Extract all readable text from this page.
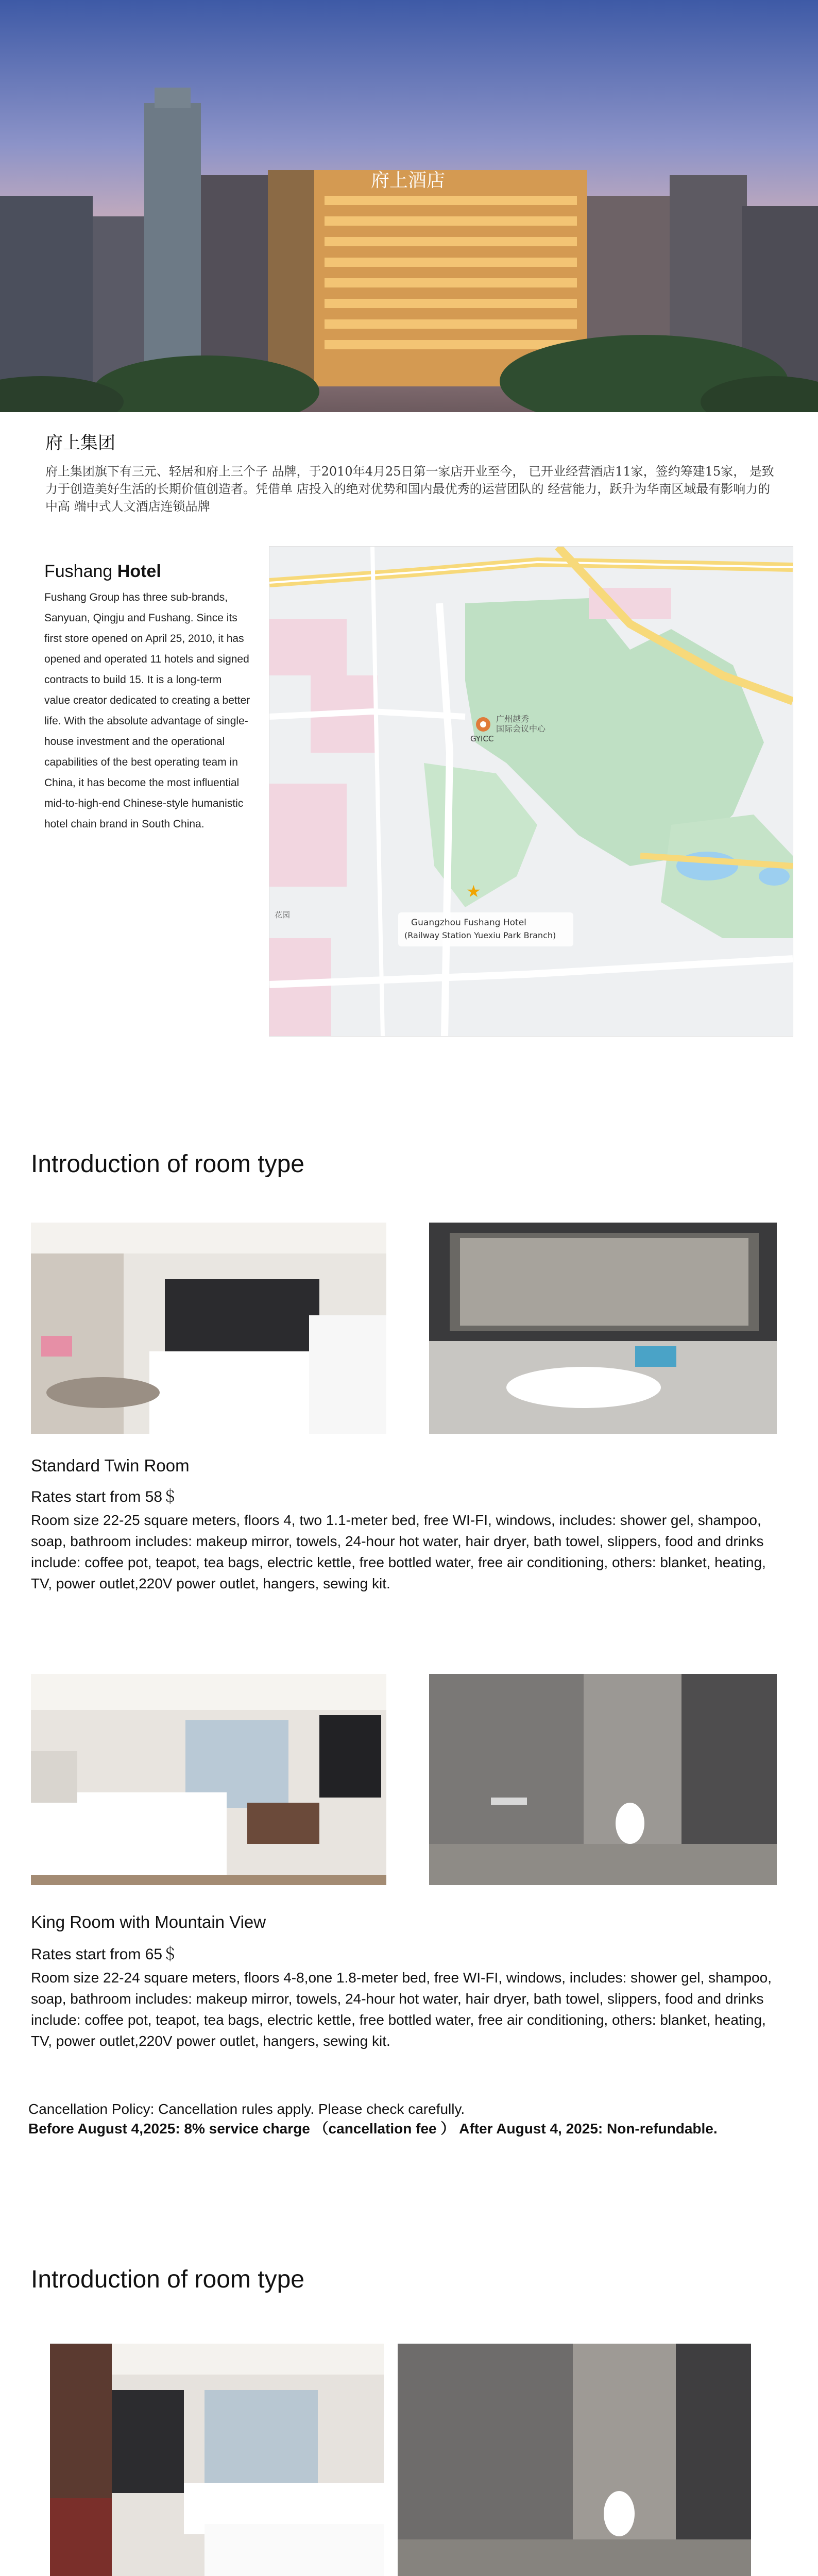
府上酒店
府上集团
府上集团旗下有三元、轻居和府上三个子 品牌，于2010年4月25日第一家店开业至今， 已开业经营酒店11家，签约筹建15家， 是致 力于创造美好生活的长期价值创造者。凭借单 店投入的绝对优势和国内最优秀的运营团队的 经营能力，跃升为华南区域最有影响力的中高 端中式人文酒店连锁品牌
Fushang Hotel
Fushang Group has three sub-brands, Sanyuan, Qingju and Fushang. Since its first store opened on April 25, 2010, it has opened and operated 11 hotels and signed contracts to build 15. It is a long-term value creator dedicated to creating a better life. With the absolute advantage of single-house investment and the operational capabilities of the best operating team in China, it has become the most influential mid-to-high-end Chinese-style humanistic hotel chain brand in South China.
广州越秀国际会议中心
GYICC
★
Guangzhou Fushang Hotel
(Railway Station Yuexiu Park Branch)
花园
Introduction of room type
Standard Twin Room
Rates start from 58＄
Room size 22-25 square meters, floors 4, two 1.1-meter bed, free WI-FI, windows, includes: shower gel, shampoo, soap, bathroom includes: makeup mirror, towels, 24-hour hot water, hair dryer, bath towel, slippers, food and drinks include: coffee pot, teapot, tea bags, electric kettle, free bottled water, free air conditioning, others: blanket, heating, TV, power outlet,220V power outlet, hangers, sewing kit.
King Room with Mountain View
Rates start from 65＄
Room size 22-24 square meters, floors 4-8,one 1.8-meter bed, free WI-FI, windows, includes: shower gel, shampoo, soap, bathroom includes: makeup mirror, towels, 24-hour hot water, hair dryer, bath towel, slippers, food and drinks include: coffee pot, teapot, tea bags, electric kettle, free bottled water, free air conditioning, others: blanket, heating, TV, power outlet,220V power outlet, hangers, sewing kit.
Cancellation Policy: Cancellation rules apply. Please check carefully.
Before August 4,2025: 8% service charge （cancellation fee ） After August 4, 2025: Non-refundable.
Introduction of room type
